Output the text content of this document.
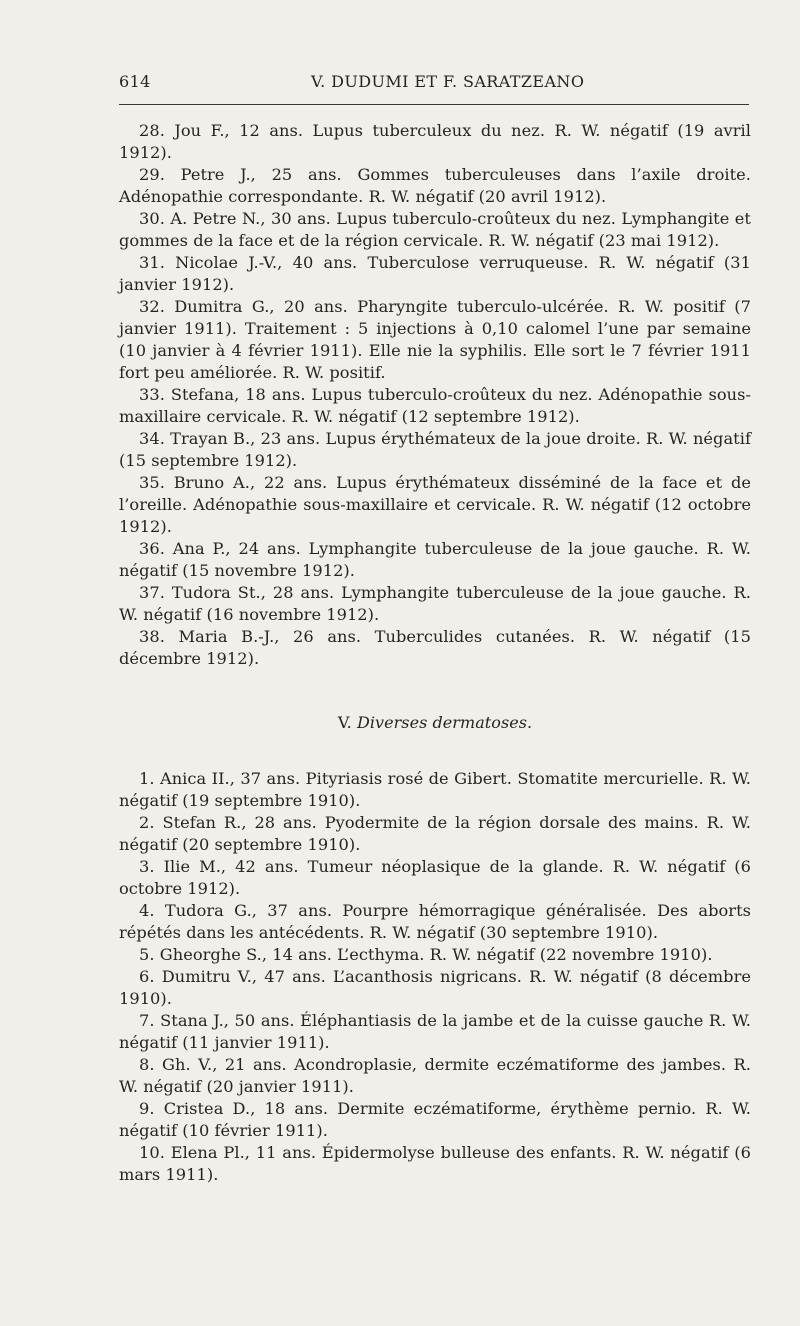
614	V. DUDUMI ET F. SARATZEANO

28. Jou F., 12 ans. Lupus tuberculeux du nez. R. W. négatif (19 avril 1912).

29. Petre J., 25 ans. Gommes tuberculeuses dans l’axile droite. Adénopathie correspondante. R. W. négatif (20 avril 1912).

30. A. Petre N., 30 ans. Lupus tuberculo-croûteux du nez. Lymphangite et gommes de la face et de la région cervicale. R. W. négatif (23 mai 1912).

31. Nicolae J.-V., 40 ans. Tuberculose verruqueuse. R. W. négatif (31 janvier 1912).

32. Dumitra G., 20 ans. Pharyngite tuberculo-ulcérée. R. W. positif (7 janvier 1911). Traitement : 5 injections à 0,10 calomel l’une par semaine (10 janvier à 4 février 1911). Elle nie la syphilis. Elle sort le 7 février 1911 fort peu améliorée. R. W. positif.

33. Stefana, 18 ans. Lupus tuberculo-croûteux du nez. Adénopathie sous-maxillaire cervicale. R. W. négatif (12 septembre 1912).

34. Trayan B., 23 ans. Lupus érythémateux de la joue droite. R. W. négatif (15 septembre 1912).

35. Bruno A., 22 ans. Lupus érythémateux disséminé de la face et de l’oreille. Adénopathie sous-maxillaire et cervicale. R. W. négatif (12 octobre 1912).

36. Ana P., 24 ans. Lymphangite tuberculeuse de la joue gauche. R. W. négatif (15 novembre 1912).

37. Tudora St., 28 ans. Lymphangite tuberculeuse de la joue gauche. R. W. négatif (16 novembre 1912).

38. Maria B.-J., 26 ans. Tuberculides cutanées. R. W. négatif (15 décembre 1912).

V. Diverses dermatoses.

1. Anica II., 37 ans. Pityriasis rosé de Gibert. Stomatite mercurielle. R. W. négatif (19 septembre 1910).

2. Stefan R., 28 ans. Pyodermite de la région dorsale des mains. R. W. négatif (20 septembre 1910).

3. Ilie M., 42 ans. Tumeur néoplasique de la glande. R. W. négatif (6 octobre 1912).

4. Tudora G., 37 ans. Pourpre hémorragique généralisée. Des aborts répétés dans les antécédents. R. W. négatif (30 septembre 1910).

5. Gheorghe S., 14 ans. L’ecthyma. R. W. négatif (22 novembre 1910).

6. Dumitru V., 47 ans. L’acanthosis nigricans. R. W. négatif (8 décembre 1910).

7. Stana J., 50 ans. Éléphantiasis de la jambe et de la cuisse gauche R. W. négatif (11 janvier 1911).

8. Gh. V., 21 ans. Acondroplasie, dermite eczématiforme des jambes. R. W. négatif (20 janvier 1911).

9. Cristea D., 18 ans. Dermite eczématiforme, érythème pernio. R. W. négatif (10 février 1911).

10. Elena Pl., 11 ans. Épidermolyse bulleuse des enfants. R. W. négatif (6 mars 1911).
